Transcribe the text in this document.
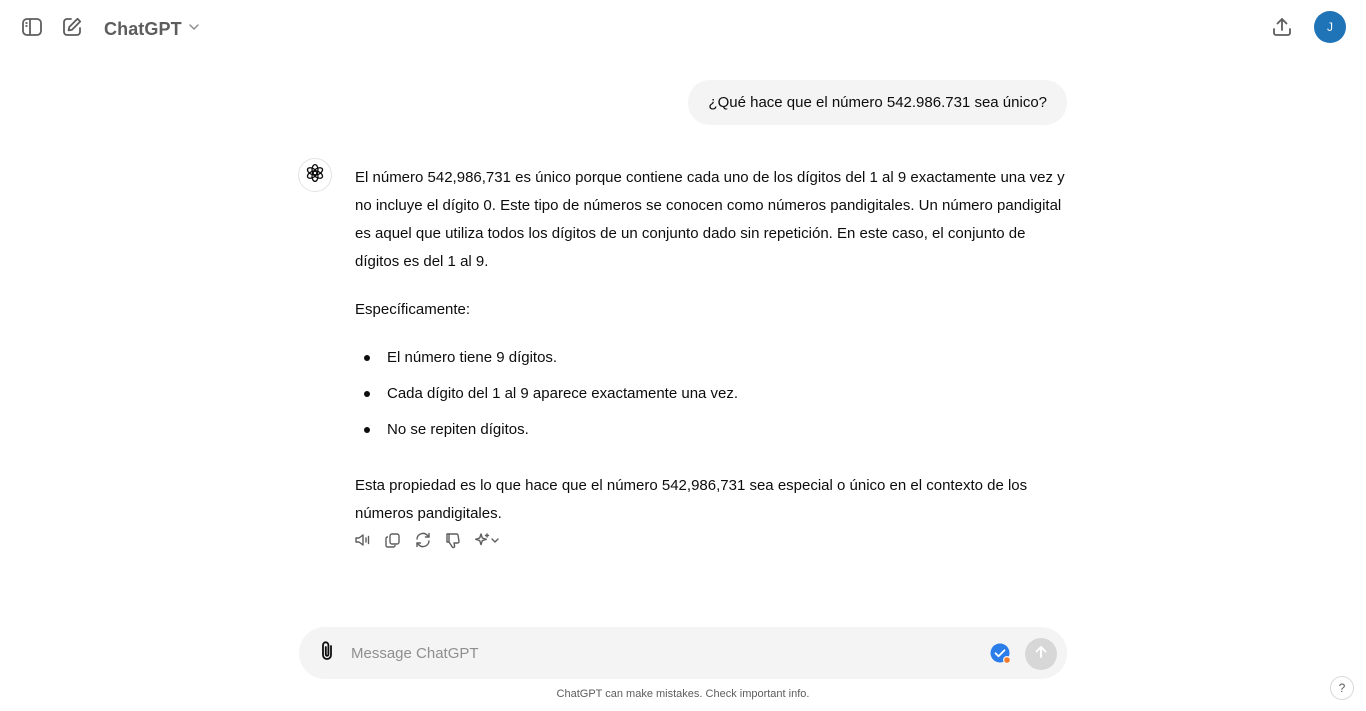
ChatGPT	J
¿Qué hace que el número 542.986.731 sea único?

El número 542,986,731 es único porque contiene cada uno de los dígitos del 1 al 9 exactamente una vez y no incluye el dígito 0. Este tipo de números se conocen como números pandigitales. Un número pandigital es aquel que utiliza todos los dígitos de un conjunto dado sin repetición. En este caso, el conjunto de dígitos es del 1 al 9.

Específicamente:

El número tiene 9 dígitos.
Cada dígito del 1 al 9 aparece exactamente una vez.
No se repiten dígitos.

Esta propiedad es lo que hace que el número 542,986,731 sea especial o único en el contexto de los números pandigitales.

Message ChatGPT
ChatGPT can make mistakes. Check important info.	?
